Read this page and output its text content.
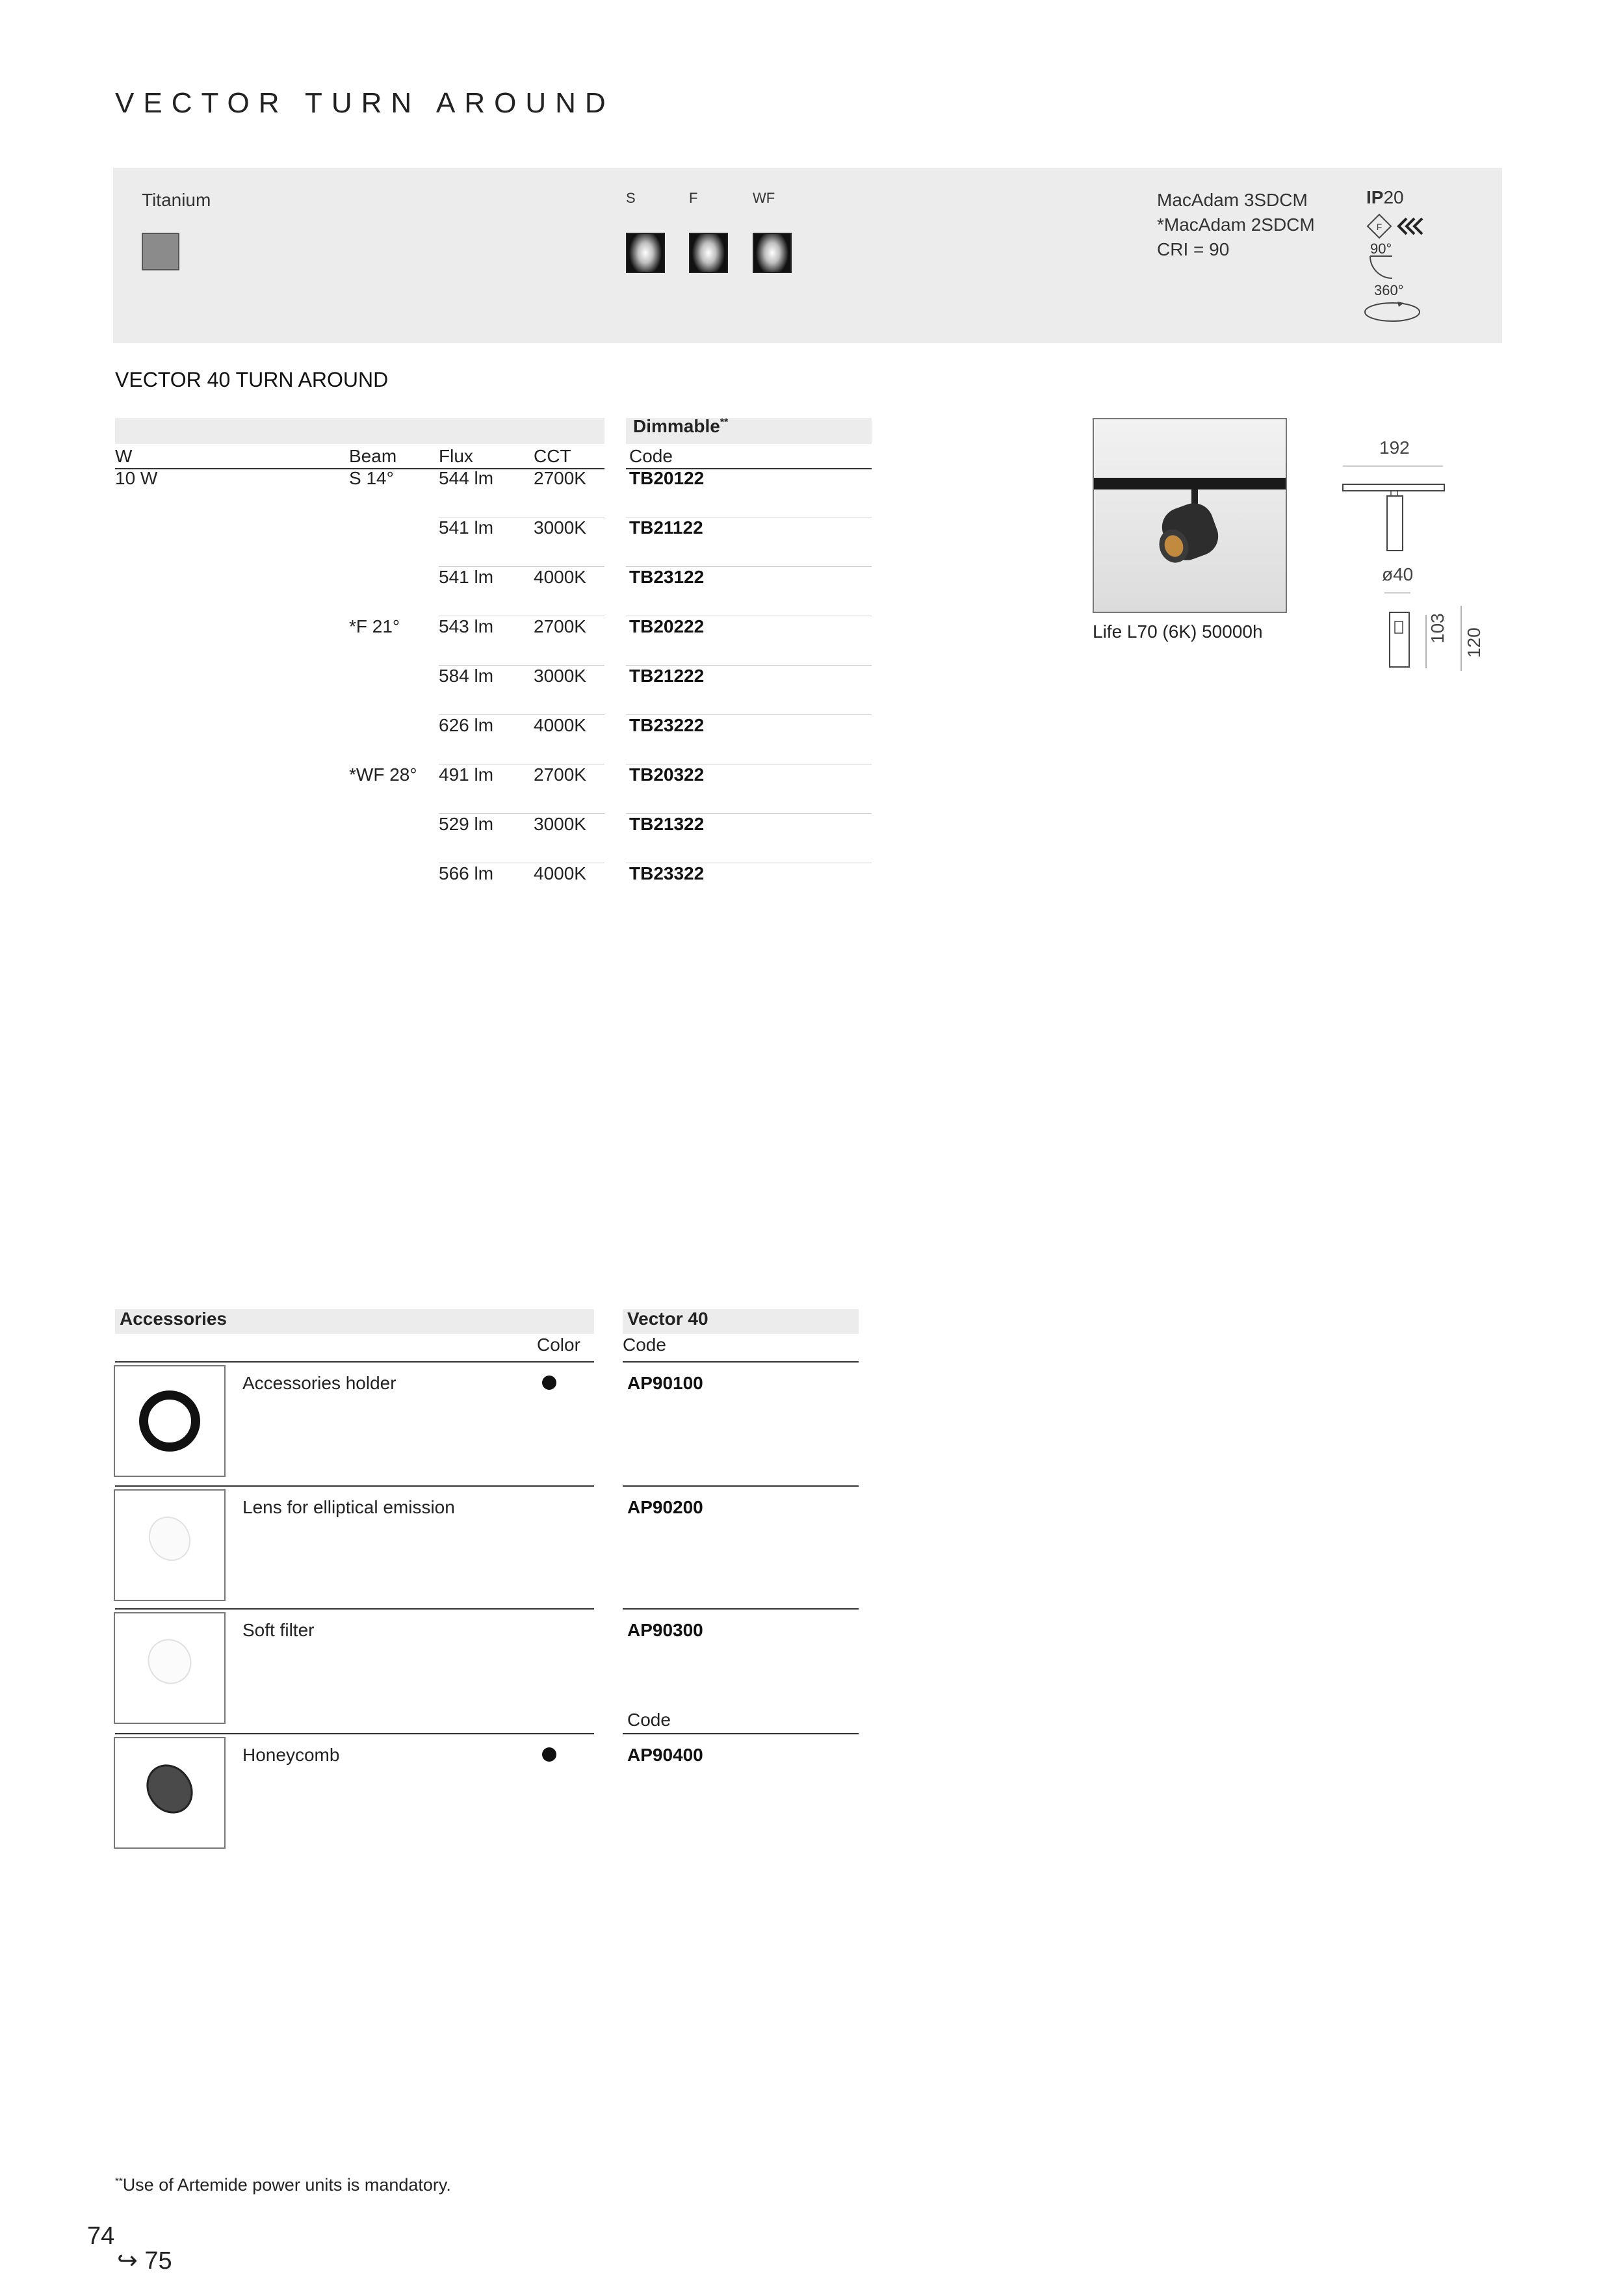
VECTOR TURN AROUND
Titanium	S	F	WF	MacAdam 3SDCM
*MacAdam 2SDCM
CRI = 90
IP20
F
90°
360°
VECTOR 40 TURN AROUND
Dimmable**
W	Beam Flux	CCT	Code
10 W	S 14° 544 lm 2700K TB20122
541 lm 3000K TB21122
541 lm 4000K TB23122
*F 21° 543 lm 2700K TB20222
584 lm 3000K TB21222
626 lm 4000K TB23222
*WF 28° 491 lm 2700K TB20322
529 lm 3000K TB21322
566 lm 4000K TB23322
Life L70 (6K) 50000h
192
ø40
103 120
Accessories	Vector 40
Color Code
Accessories holder	AP90100
Lens for elliptical emission	AP90200
Soft filter	AP90300
Honeycomb	AP90400
Code
**Use of Artemide power units is mandatory.
74
↪ 75
